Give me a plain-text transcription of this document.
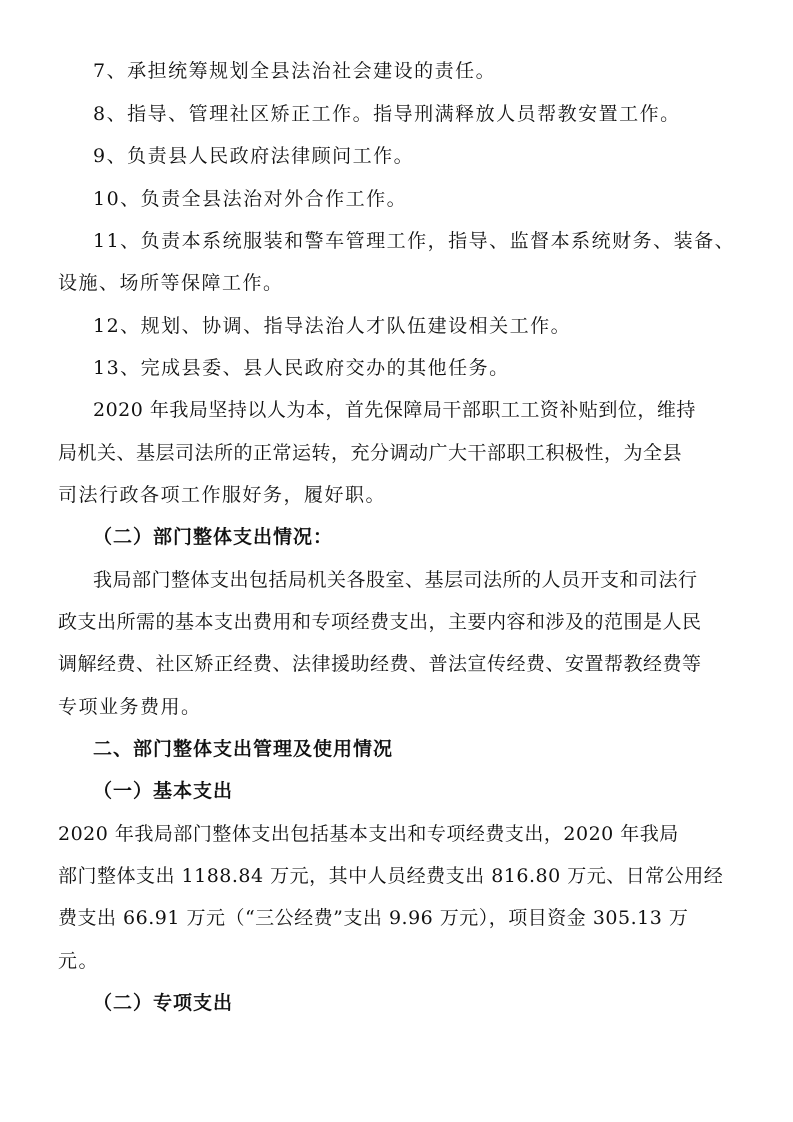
7、承担统筹规划全县法治社会建设的责任。
8、指导、管理社区矫正工作。指导刑满释放人员帮教安置工作。
9、负责县人民政府法律顾问工作。
10、负责全县法治对外合作工作。
11、负责本系统服装和警车管理工作，指导、监督本系统财务、装备、
设施、场所等保障工作。
12、规划、协调、指导法治人才队伍建设相关工作。
13、完成县委、县人民政府交办的其他任务。
2020 年我局坚持以人为本，首先保障局干部职工工资补贴到位，维持
局机关、基层司法所的正常运转，充分调动广大干部职工积极性，为全县
司法行政各项工作服好务，履好职。
（二）部门整体支出情况：
我局部门整体支出包括局机关各股室、基层司法所的人员开支和司法行
政支出所需的基本支出费用和专项经费支出，主要内容和涉及的范围是人民
调解经费、社区矫正经费、法律援助经费、普法宣传经费、安置帮教经费等
专项业务费用。
二、部门整体支出管理及使用情况
（一）基本支出
2020 年我局部门整体支出包括基本支出和专项经费支出，2020 年我局
部门整体支出 1188.84 万元，其中人员经费支出 816.80 万元、日常公用经
费支出 66.91 万元（“三公经费”支出 9.96 万元），项目资金 305.13 万
元。
（二）专项支出
